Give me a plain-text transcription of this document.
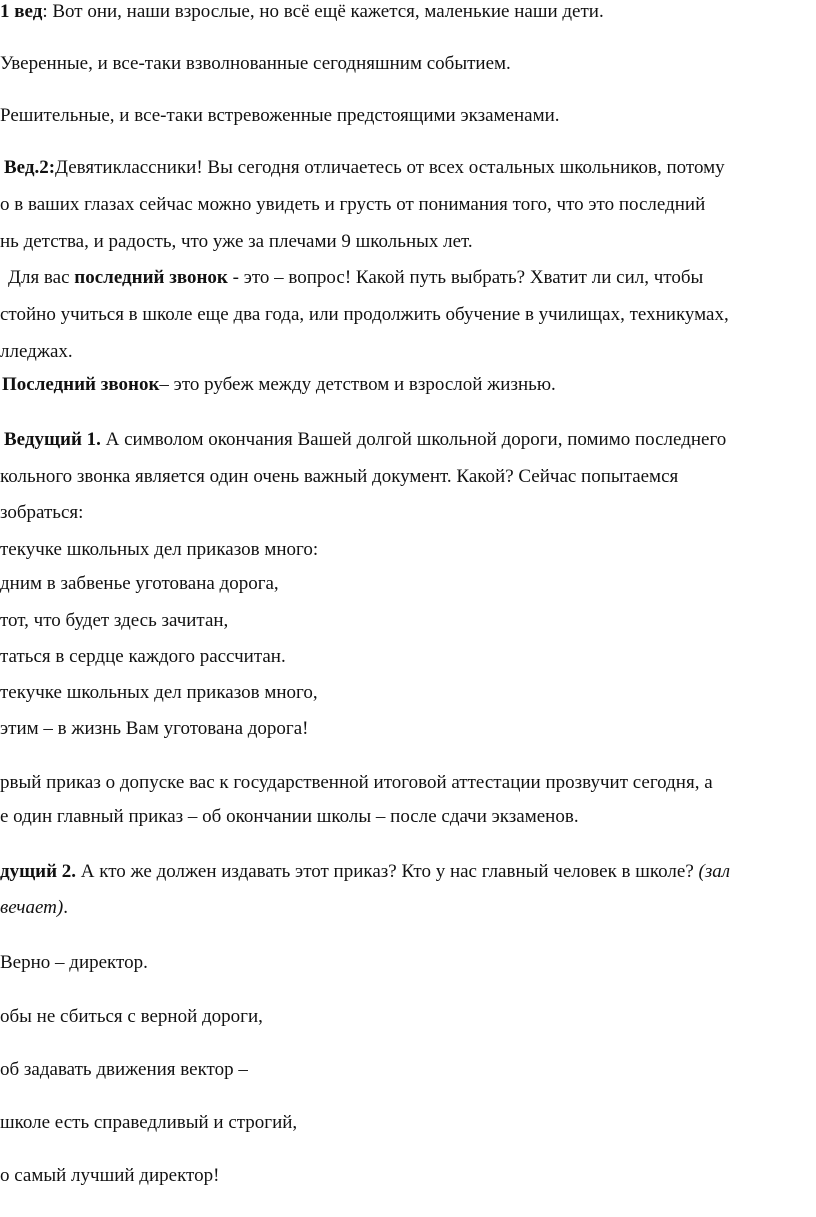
1 вед: Вот они, наши взрослые, но всё ещё кажется, маленькие наши дети.

Уверенные, и все-таки взволнованные сегодняшним событием.

Решительные, и все-таки встревоженные предстоящими экзаменами.

Вед.2:Девятиклассники! Вы сегодня отличаетесь от всех остальных школьников, потому

о в ваших глазах сейчас можно увидеть и грусть от понимания того, что это последний

нь детства, и радость, что уже за плечами 9 школьных лет.

Для вас последний звонок - это – вопрос! Какой путь выбрать? Хватит ли сил, чтобы

стойно учиться в школе еще два года, или продолжить обучение в училищах, техникумах,

лледжах.

Последний звонок– это рубеж между детством и взрослой жизнью.

Ведущий 1. А символом окончания Вашей долгой школьной дороги, помимо последнего

кольного звонка является один очень важный документ. Какой? Сейчас попытаемся

зобраться:

текучке школьных дел приказов много:

дним в забвенье уготована дорога,

тот, что будет здесь зачитан,

таться в сердце каждого рассчитан.

текучке школьных дел приказов много,

этим – в жизнь Вам уготована дорога!

рвый приказ о допуске вас к государственной итоговой аттестации прозвучит сегодня, а

е один главный приказ – об окончании школы – после сдачи экзаменов.

дущий 2. А кто же должен издавать этот приказ? Кто у нас главный человек в школе? (зал

вечает).

Верно – директор.

обы не сбиться с верной дороги,

об задавать движения вектор –

школе есть справедливый и строгий,

о самый лучший директор!
